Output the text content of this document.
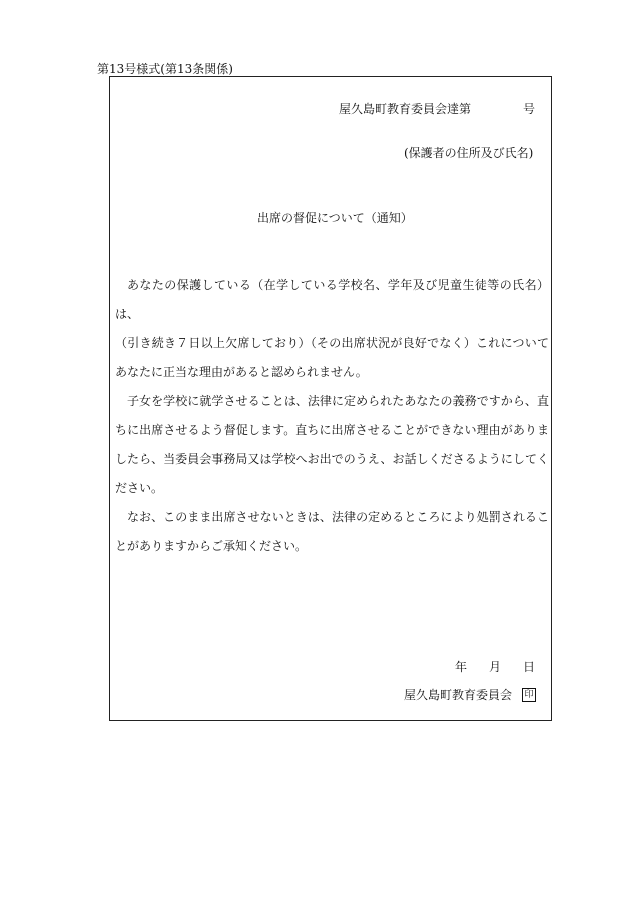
第13号様式(第13条関係)
屋久島町教育委員会達第	号
(保護者の住所及び氏名)
出席の督促について（通知）

あなたの保護している（在学している学校名、学年及び児童生徒等の氏名）は、

（引き続き７日以上欠席しており）（その出席状況が良好でなく）これについてあなたに正当な理由があると認められません。

子女を学校に就学させることは、法律に定められたあなたの義務ですから、直ちに出席させるよう督促します。直ちに出席させることができない理由がありましたら、当委員会事務局又は学校へお出でのうえ、お話しくださるようにしてください。

なお、このまま出席させないときは、法律の定めるところにより処罰されることがありますからご承知ください。

年 月 日
屋久島町教育委員会 印
